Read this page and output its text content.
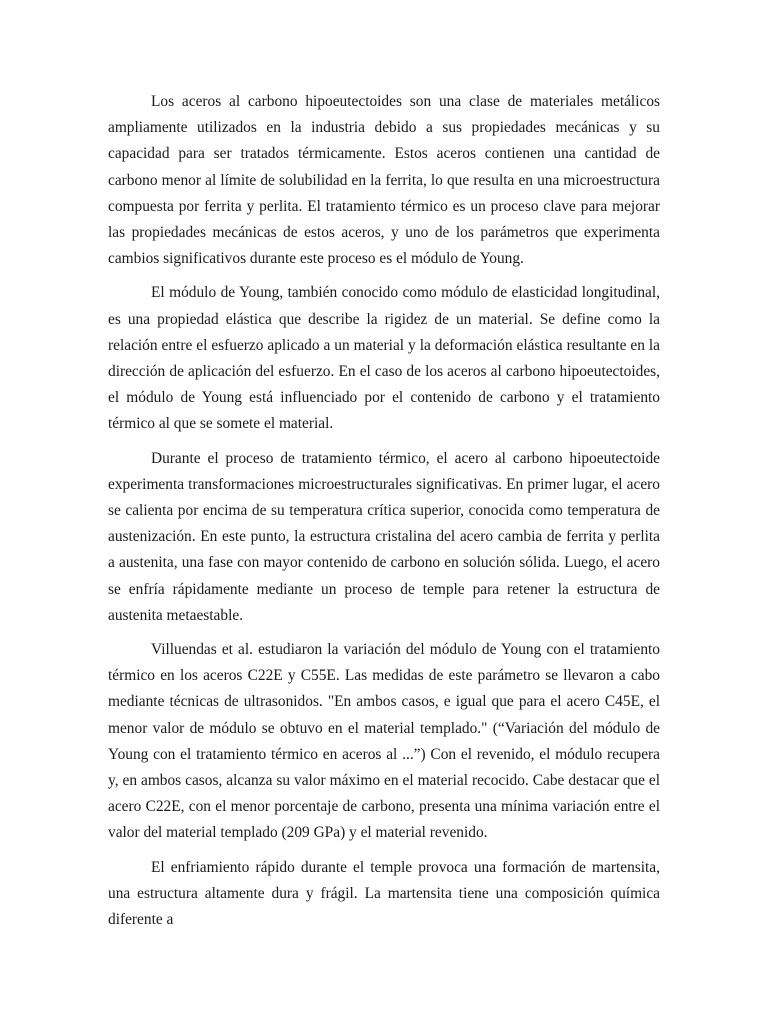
Los aceros al carbono hipoeutectoides son una clase de materiales metálicos ampliamente utilizados en la industria debido a sus propiedades mecánicas y su capacidad para ser tratados térmicamente. Estos aceros contienen una cantidad de carbono menor al límite de solubilidad en la ferrita, lo que resulta en una microestructura compuesta por ferrita y perlita. El tratamiento térmico es un proceso clave para mejorar las propiedades mecánicas de estos aceros, y uno de los parámetros que experimenta cambios significativos durante este proceso es el módulo de Young.

El módulo de Young, también conocido como módulo de elasticidad longitudinal, es una propiedad elástica que describe la rigidez de un material. Se define como la relación entre el esfuerzo aplicado a un material y la deformación elástica resultante en la dirección de aplicación del esfuerzo. En el caso de los aceros al carbono hipoeutectoides, el módulo de Young está influenciado por el contenido de carbono y el tratamiento térmico al que se somete el material.

Durante el proceso de tratamiento térmico, el acero al carbono hipoeutectoide experimenta transformaciones microestructurales significativas. En primer lugar, el acero se calienta por encima de su temperatura crítica superior, conocida como temperatura de austenización. En este punto, la estructura cristalina del acero cambia de ferrita y perlita a austenita, una fase con mayor contenido de carbono en solución sólida. Luego, el acero se enfría rápidamente mediante un proceso de temple para retener la estructura de austenita metaestable.

Villuendas et al. estudiaron la variación del módulo de Young con el tratamiento térmico en los aceros C22E y C55E. Las medidas de este parámetro se llevaron a cabo mediante técnicas de ultrasonidos. "En ambos casos, e igual que para el acero C45E, el menor valor de módulo se obtuvo en el material templado." (“Variación del módulo de Young con el tratamiento térmico en aceros al ...”) Con el revenido, el módulo recupera y, en ambos casos, alcanza su valor máximo en el material recocido. Cabe destacar que el acero C22E, con el menor porcentaje de carbono, presenta una mínima variación entre el valor del material templado (209 GPa) y el material revenido.

El enfriamiento rápido durante el temple provoca una formación de martensita, una estructura altamente dura y frágil. La martensita tiene una composición química diferente a
